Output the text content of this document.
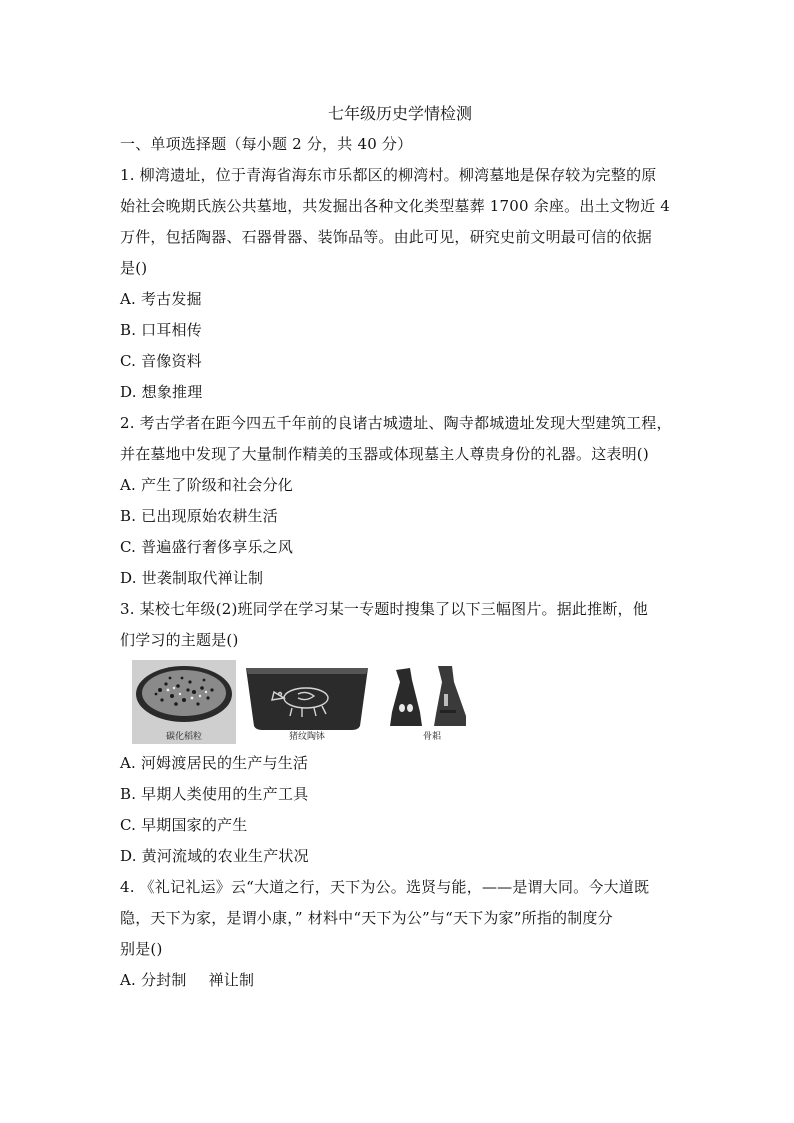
七年级历史学情检测

一、单项选择题（每小题 2 分，共 40 分）

1. 柳湾遗址，位于青海省海东市乐都区的柳湾村。柳湾墓地是保存较为完整的原

始社会晚期氏族公共墓地，共发掘出各种文化类型墓葬 1700 余座。出土文物近 4

万件，包括陶器、石器骨器、装饰品等。由此可见，研究史前文明最可信的依据

是()

A. 考古发掘

B. 口耳相传

C. 音像资料

D. 想象推理

2. 考古学者在距今四五千年前的良诸古城遗址、陶寺都城遗址发现大型建筑工程，

并在墓地中发现了大量制作精美的玉器或体现墓主人尊贵身份的礼器。这表明()

A. 产生了阶级和社会分化

B. 已出现原始农耕生活

C. 普遍盛行奢侈享乐之风

D. 世袭制取代禅让制

3. 某校七年级(2)班同学在学习某一专题时搜集了以下三幅图片。据此推断，他

们学习的主题是()

碳化稻粒	猪纹陶钵	骨耜

A. 河姆渡居民的生产与生活

B. 早期人类使用的生产工具

C. 早期国家的产生

D. 黄河流域的农业生产状况

4. 《礼记礼运》云“大道之行，天下为公。选贤与能，——是谓大同。今大道既

隐，天下为家，是谓小康，” 材料中“天下为公”与“天下为家”所指的制度分

别是()

A. 分封制 禅让制
